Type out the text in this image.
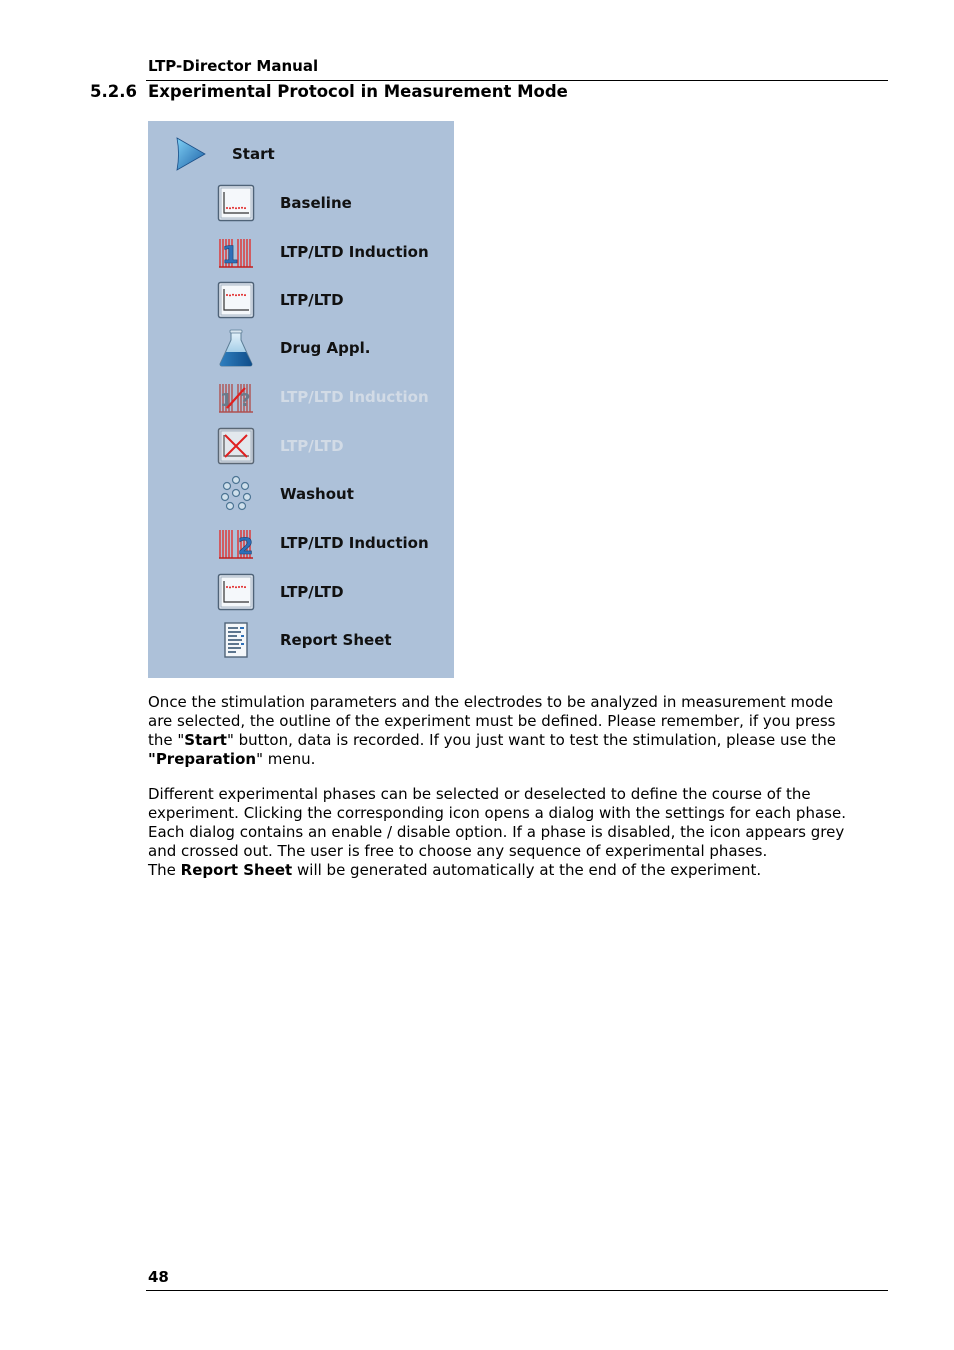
LTP-Director Manual
5.2.6 Experimental Protocol in Measurement Mode
Start
Baseline
1	LTP/LTD Induction
LTP/LTD
Drug Appl.
1 ? LTP/LTD Induction
LTP/LTD
Washout
2 LTP/LTD Induction
LTP/LTD
Report Sheet

Once the stimulation parameters and the electrodes to be analyzed in measurement mode are selected, the outline of the experiment must be defined. Please remember, if you press the "Start" button, data is recorded. If you just want to test the stimulation, please use the "Preparation" menu.

Different experimental phases can be selected or deselected to define the course of the experiment. Clicking the corresponding icon opens a dialog with the settings for each phase. Each dialog contains an enable / disable option. If a phase is disabled, the icon appears grey and crossed out. The user is free to choose any sequence of experimental phases.
The Report Sheet will be generated automatically at the end of the experiment.

48
